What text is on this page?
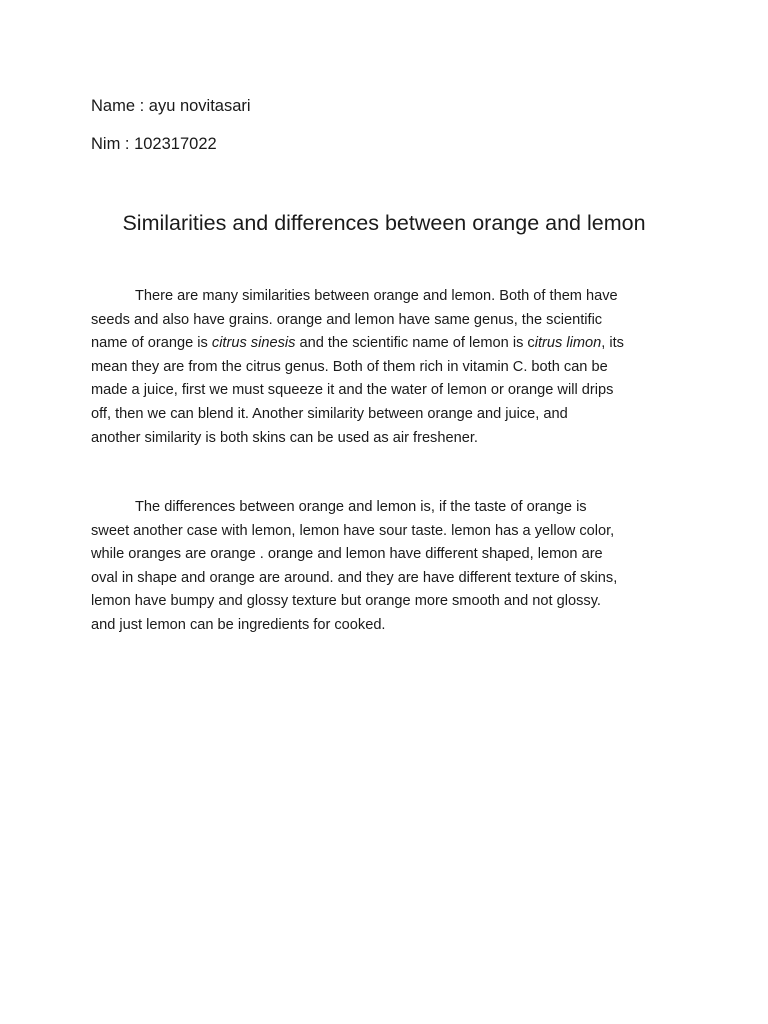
Name : ayu novitasari
Nim : 102317022
Similarities and differences between orange and lemon

There are many similarities between orange and lemon. Both of them have
seeds and also have grains. orange and lemon have same genus, the scientific
name of orange is citrus sinesis and the scientific name of lemon is citrus limon, its
mean they are from the citrus genus. Both of them rich in vitamin C. both can be
made a juice, first we must squeeze it and the water of lemon or orange will drips
off, then we can blend it. Another similarity between orange and juice, and
another similarity is both skins can be used as air freshener.

The differences between orange and lemon is, if the taste of orange is
sweet another case with lemon, lemon have sour taste. lemon has a yellow color,
while oranges are orange . orange and lemon have different shaped, lemon are
oval in shape and orange are around. and they are have different texture of skins,
lemon have bumpy and glossy texture but orange more smooth and not glossy.
and just lemon can be ingredients for cooked.
